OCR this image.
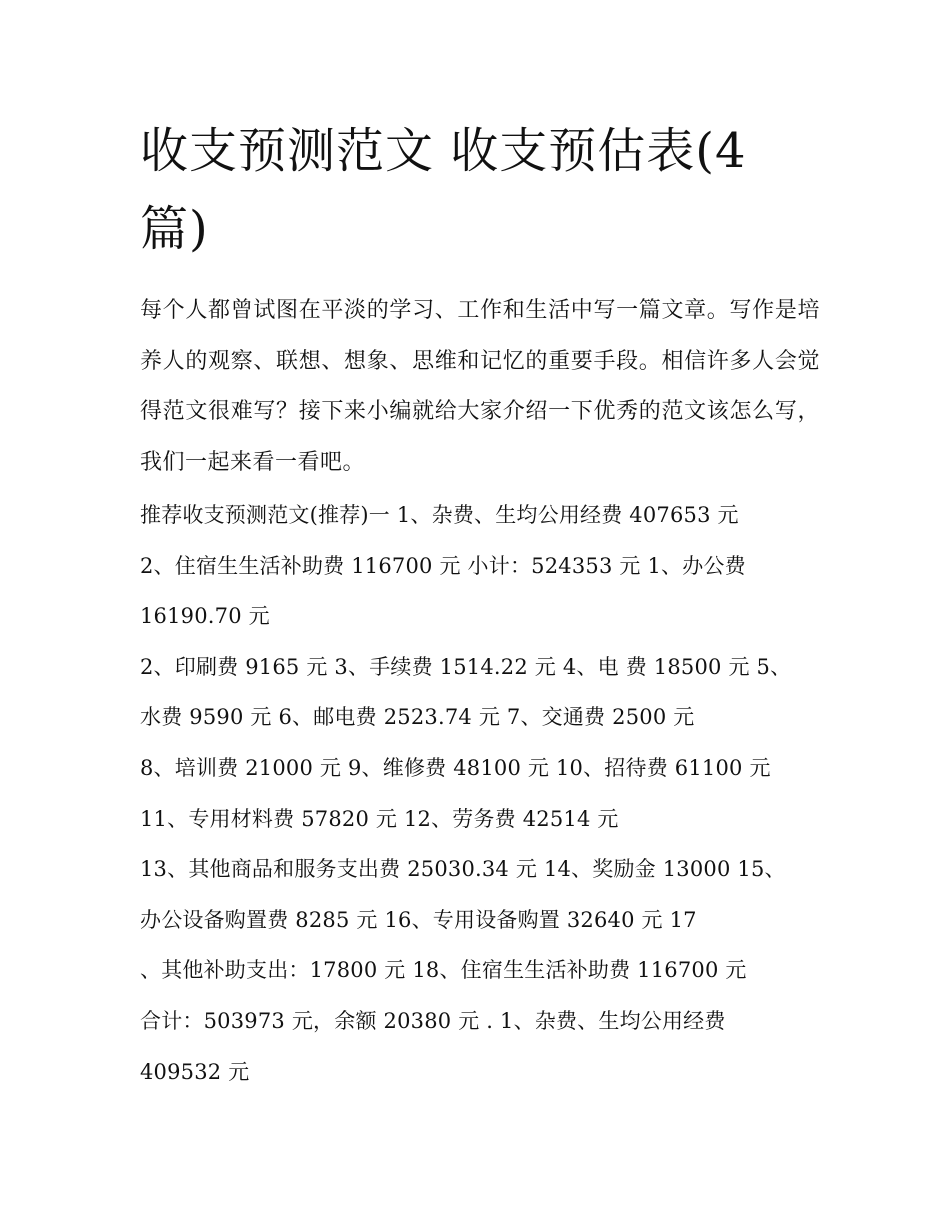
收支预测范文 收支预估表(4
篇)

每个人都曾试图在平淡的学习、工作和生活中写一篇文章。写作是培养人的观察、联想、想象、思维和记忆的重要手段。相信许多人会觉得范文很难写？接下来小编就给大家介绍一下优秀的范文该怎么写，我们一起来看一看吧。

推荐收支预测范文(推荐)一 1、杂费、生均公用经费 407653 元
2、住宿生生活补助费 116700 元 小计：524353 元 1、办公费
16190.70 元
2、印刷费 9165 元 3、手续费 1514.22 元 4、电 费 18500 元 5、
水费 9590 元 6、邮电费 2523.74 元 7、交通费 2500 元
8、培训费 21000 元 9、维修费 48100 元 10、招待费 61100 元
11、专用材料费 57820 元 12、劳务费 42514 元
13、其他商品和服务支出费 25030.34 元 14、奖励金 13000 15、
办公设备购置费 8285 元 16、专用设备购置 32640 元 17
、其他补助支出：17800 元 18、住宿生生活补助费 116700 元
合计：503973 元，余额 20380 元 . 1、杂费、生均公用经费
409532 元
